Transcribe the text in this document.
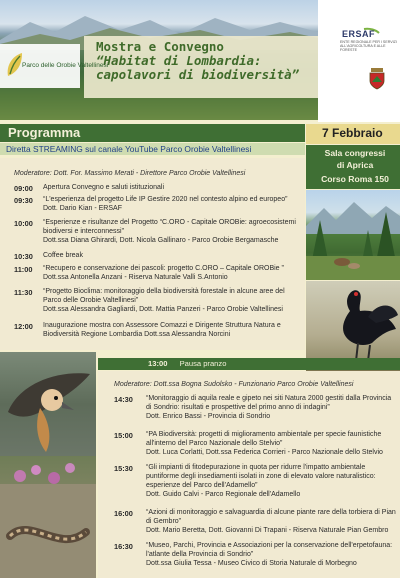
Mostra e Convegno
“Habitat di Lombardia:
capolavori di biodiversità”
Parco delle Orobie Valtellinesi
ERSAF
ENTE REGIONALE PER I SERVIZI ALL'AGRICOLTURA E ALLE FORESTE
Programma
Diretta STREAMING sul canale YouTube Parco Orobie Valtellinesi
7 Febbraio
Sala congressi
di Aprica
Corso Roma 150
Moderatore: Dott. For. Massimo Merati - Direttore Parco Orobie Valtellinesi
09:00 Apertura Convegno e saluti istituzionali
09:30 “L'esperienza del progetto Life IP Gestire 2020 nel contesto alpino ed europeo”
Dott. Dario Kian - ERSAF
10:00 “Esperienze e risultanze del Progetto “C.ORO - Capitale OROBie: agroecosistemi biodiversi e interconnessi”
Dott.ssa Diana Ghirardi, Dott. Nicola Gallinaro - Parco Orobie Bergamasche
10:30 Coffee break
11:00 “Recupero e conservazione dei pascoli: progetto C.ORO – Capitale OROBie ”
Dott.ssa Antonella Anzani - Riserva Naturale Valli S.Antonio
11:30 “Progetto Bioclima: monitoraggio della biodiversità forestale in alcune aree del Parco delle Orobie Valtellinesi”
Dott.ssa Alessandra Gagliardi, Dott. Mattia Panzeri - Parco Orobie Valtellinesi
12:00 Inaugurazione mostra con Assessore Comazzi e Dirigente Struttura Natura e Biodiversità Regione Lombardia Dott.ssa Alessandra Norcini
13:00 Pausa pranzo
Moderatore: Dott.ssa Bogna Sudolsko - Funzionario Parco Orobie Valtellinesi
14:30 “Monitoraggio di aquila reale e gipeto nei siti Natura 2000 gestiti dalla Provincia di Sondrio: risultati e prospettive del primo anno di indagini”
Dott. Enrico Bassi - Provincia di Sondrio
15:00 “PA Biodiversità: progetti di miglioramento ambientale per specie faunistiche all'interno del Parco Nazionale dello Stelvio”
Dott. Luca Corlatti, Dott.ssa Federica Corrieri - Parco Nazionale dello Stelvio
15:30 “Gli impianti di fitodepurazione in quota per ridurre l'impatto ambientale puntiforme degli insediamenti isolati in zone di elevato valore naturalistico: esperienze del Parco dell'Adamello”
Dott. Guido Calvi - Parco Regionale dell'Adamello
16:00 “Azioni di monitoraggio e salvaguardia di alcune piante rare della torbiera di Pian di Gembro”
Dott. Mario Beretta, Dott. Giovanni Di Trapani - Riserva Naturale Pian Gembro
16:30 “Museo, Parchi, Provincia e Associazioni per la conservazione dell'erpetofauna: l'atlante della Provincia di Sondrio”
Dott.ssa Giulia Tessa - Museo Civico di Storia Naturale di Morbegno
